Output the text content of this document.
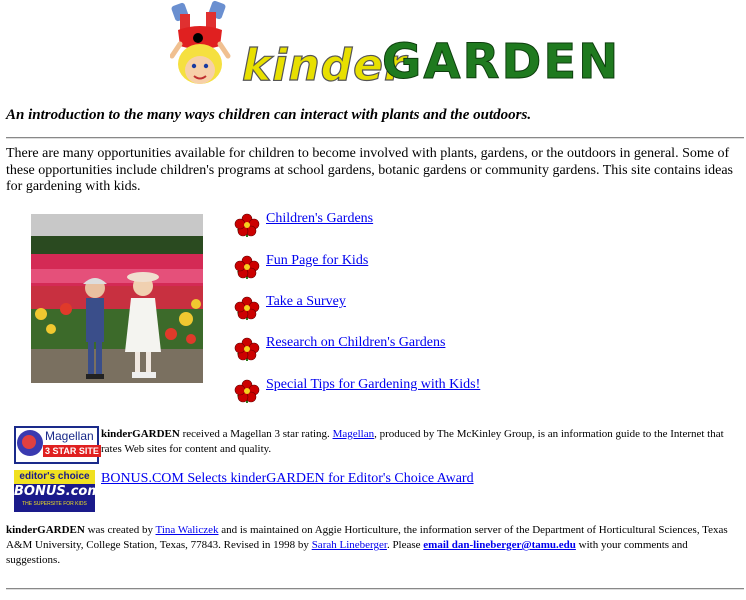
kinder
GARDEN

An introduction to the many ways children can interact with plants and the outdoors.

There are many opportunities available for children to become involved with plants, gardens, or the outdoors in general. Some of these opportunities include children's programs at school gardens, botanic gardens or community gardens. This site contains ideas for gardening with kids.

Children's Gardens
Fun Page for Kids
Take a Survey
Research on Children's Gardens
Special Tips for Gardening with Kids!
Magellan
3 STAR SITE

kinderGARDEN received a Magellan 3 star rating. Magellan, produced by The McKinley Group, is an information guide to the Internet that rates Web sites for content and quality.

editor's choice
BONUS.com
THE SUPERSITE FOR KIDS
BONUS.COM Selects kinderGARDEN for Editor's Choice Award

kinderGARDEN was created by Tina Waliczek and is maintained on Aggie Horticulture, the information server of the Department of Horticultural Sciences, Texas A&M University, College Station, Texas, 77843. Revised in 1998 by Sarah Lineberger. Please email dan-lineberger@tamu.edu with your comments and suggestions.
